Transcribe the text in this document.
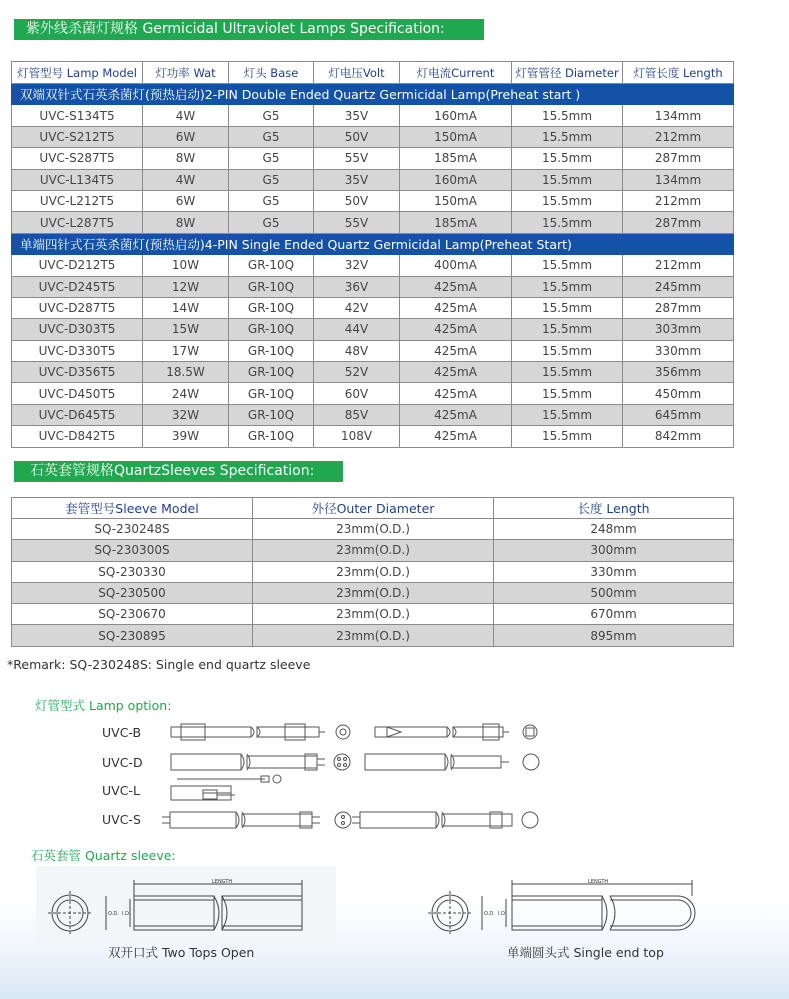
紫外线杀菌灯规格 Germicidal Ultraviolet Lamps Specification:
灯管型号 Lamp Model	灯功率 Wat	灯头 Base	灯电压Volt	灯电流Current	灯管管径 Diameter	灯管长度 Length
双端双针式石英杀菌灯(预热启动)2-PIN Double Ended Quartz Germicidal Lamp(Preheat start )						
UVC-S134T5	4W	G5	35V	160mA	15.5mm	134mm
UVC-S212T5	6W	G5	50V	150mA	15.5mm	212mm
UVC-S287T5	8W	G5	55V	185mA	15.5mm	287mm
UVC-L134T5	4W	G5	35V	160mA	15.5mm	134mm
UVC-L212T5	6W	G5	50V	150mA	15.5mm	212mm
UVC-L287T5	8W	G5	55V	185mA	15.5mm	287mm
单端四针式石英杀菌灯(预热启动)4-PIN Single Ended Quartz Germicidal Lamp(Preheat Start)						
UVC-D212T5	10W	GR-10Q	32V	400mA	15.5mm	212mm
UVC-D245T5	12W	GR-10Q	36V	425mA	15.5mm	245mm
UVC-D287T5	14W	GR-10Q	42V	425mA	15.5mm	287mm
UVC-D303T5	15W	GR-10Q	44V	425mA	15.5mm	303mm
UVC-D330T5	17W	GR-10Q	48V	425mA	15.5mm	330mm
UVC-D356T5	18.5W	GR-10Q	52V	425mA	15.5mm	356mm
UVC-D450T5	24W	GR-10Q	60V	425mA	15.5mm	450mm
UVC-D645T5	32W	GR-10Q	85V	425mA	15.5mm	645mm
UVC-D842T5	39W	GR-10Q	108V	425mA	15.5mm	842mm
石英套管规格QuartzSleeves Specification:
套管型号Sleeve Model	外径Outer Diameter	长度 Length
SQ-230248S	23mm(O.D.)	248mm
SQ-230300S	23mm(O.D.)	300mm
SQ-230330	23mm(O.D.)	330mm
SQ-230500	23mm(O.D.)	500mm
SQ-230670	23mm(O.D.)	670mm
SQ-230895	23mm(O.D.)	895mm
*Remark: SQ-230248S: Single end quartz sleeve
灯管型式 Lamp option:
UVC-B
UVC-D
UVC-L
UVC-S
石英套管 Quartz sleeve:
LENGTH
O.D. I.D.
LENGTH
O.D. I.D.
双开口式 Two Tops Open	单端圆头式 Single end top
